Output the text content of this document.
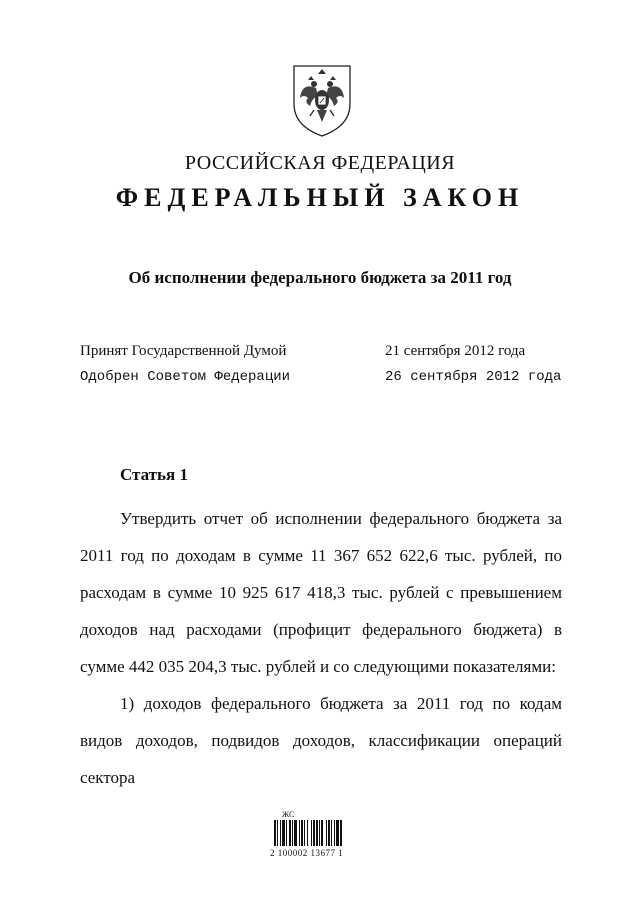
РОССИЙСКАЯ ФЕДЕРАЦИЯ
ФЕДЕРАЛЬНЫЙ ЗАКОН
Об исполнении федерального бюджета за 2011 год
Принят Государственной Думой	21 сентября 2012 года
Одобрен Советом Федерации	26 сентября 2012 года
Статья 1

Утвердить отчет об исполнении федерального бюджета за 2011 год по доходам в сумме 11 367 652 622,6 тыс. рублей, по расходам в сумме 10 925 617 418,3 тыс. рублей с превышением доходов над расходами (профицит федерального бюджета) в сумме 442 035 204,3 тыс. рублей и со следующими показателями:

1) доходов федерального бюджета за 2011 год по кодам видов доходов, подвидов доходов, классификации операций сектора

ЖС
2 100002 13677 1
